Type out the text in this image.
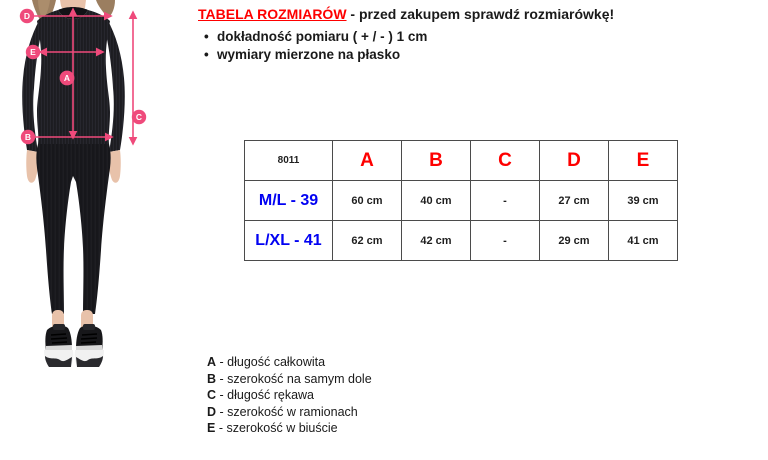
D
E
A
B
C
TABELA ROZMIARÓW - przed zakupem sprawdź rozmiarówkę!
• dokładność pomiaru ( + / - ) 1 cm
• wymiary mierzone na płasko
8011	A	B	C	D	E
M/L - 39	60 cm	40 cm	-	27 cm	39 cm
L/XL - 41	62 cm	42 cm	-	29 cm	41 cm
A - długość całkowita
B - szerokość na samym dole
C - długość rękawa
D - szerokość w ramionach
E - szerokość w biuście
